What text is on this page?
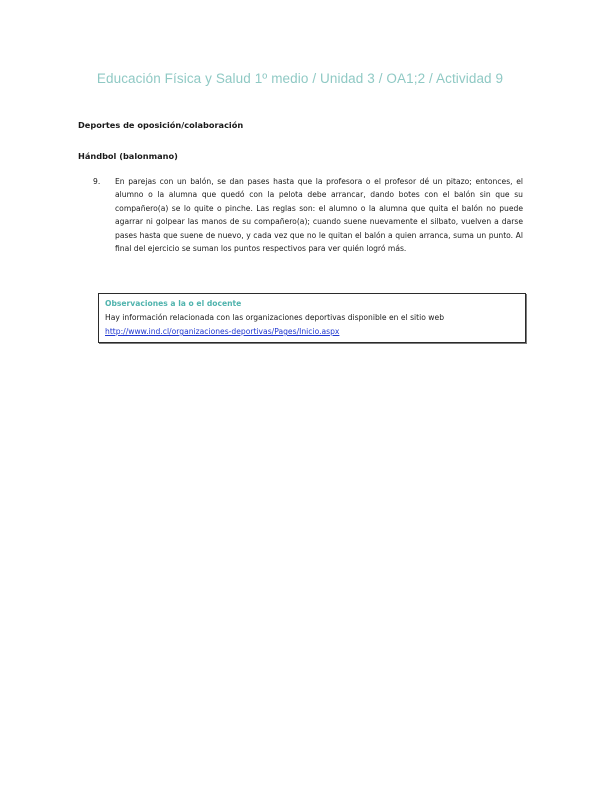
Educación Física y Salud 1º medio / Unidad 3 / OA1;2 / Actividad 9
Deportes de oposición/colaboración
Hándbol (balonmano)
9.	En parejas con un balón, se dan pases hasta que la profesora o el profesor dé un pitazo; entonces, el alumno o la alumna que quedó con la pelota debe arrancar, dando botes con el balón sin que su compañero(a) se lo quite o pinche. Las reglas son: el alumno o la alumna que quita el balón no puede agarrar ni golpear las manos de su compañero(a); cuando suene nuevamente el silbato, vuelven a darse pases hasta que suene de nuevo, y cada vez que no le quitan el balón a quien arranca, suma un punto. Al final del ejercicio se suman los puntos respectivos para ver quién logró más.
Observaciones a la o el docente
Hay información relacionada con las organizaciones deportivas disponible en el sitio web
http://www.ind.cl/organizaciones-deportivas/Pages/Inicio.aspx
